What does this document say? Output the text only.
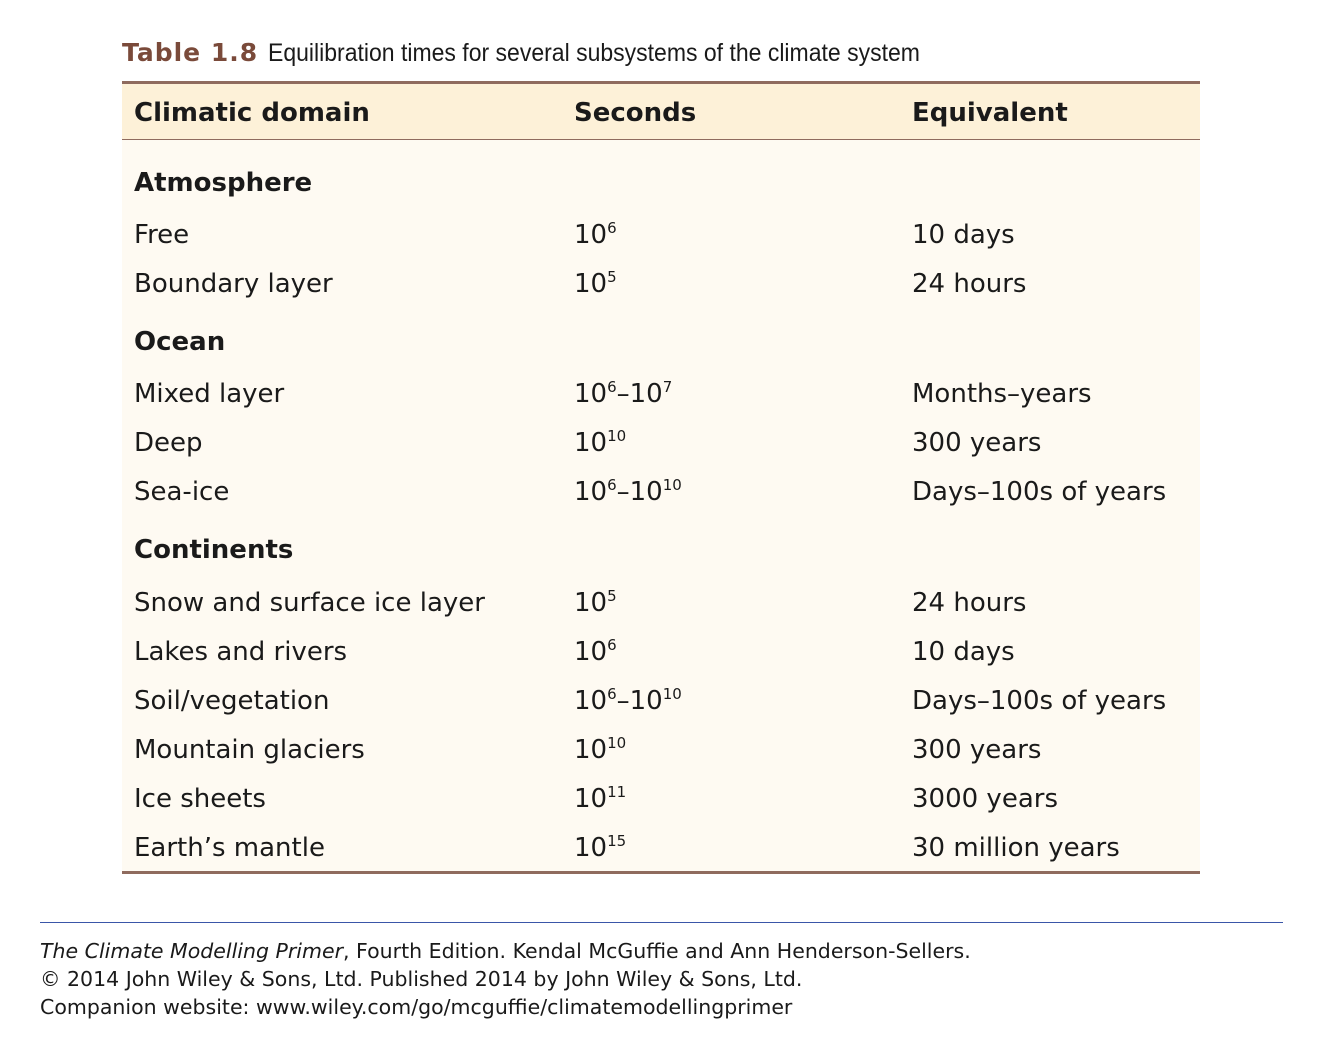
Table 1.8 Equilibration times for several subsystems of the climate system
Climatic domain	Seconds	Equivalent
Atmosphere
Free	$10^6$	10 days
Boundary layer	$10^5$	24 hours
Ocean
Mixed layer	$10^6-10^7$	Months–years
Deep	$10^{10}$	300 years
Sea-ice	$10^6-10^{10}$	Days–100s of years
Continents
Snow and surface ice layer	$10^5$	24 hours
Lakes and rivers	$10^6$	10 days
Soil/vegetation	$10^6-10^{10}$	Days–100s of years
Mountain glaciers	$10^{10}$	300 years
Ice sheets	$10^{11}$	3000 years
Earth’s mantle	$10^{15}$	30 million years
The Climate Modelling Primer, Fourth Edition. Kendal McGuffie and Ann Henderson-Sellers.
© 2014 John Wiley & Sons, Ltd. Published 2014 by John Wiley & Sons, Ltd.
Companion website: www.wiley.com/go/mcguffie/climatemodellingprimer
